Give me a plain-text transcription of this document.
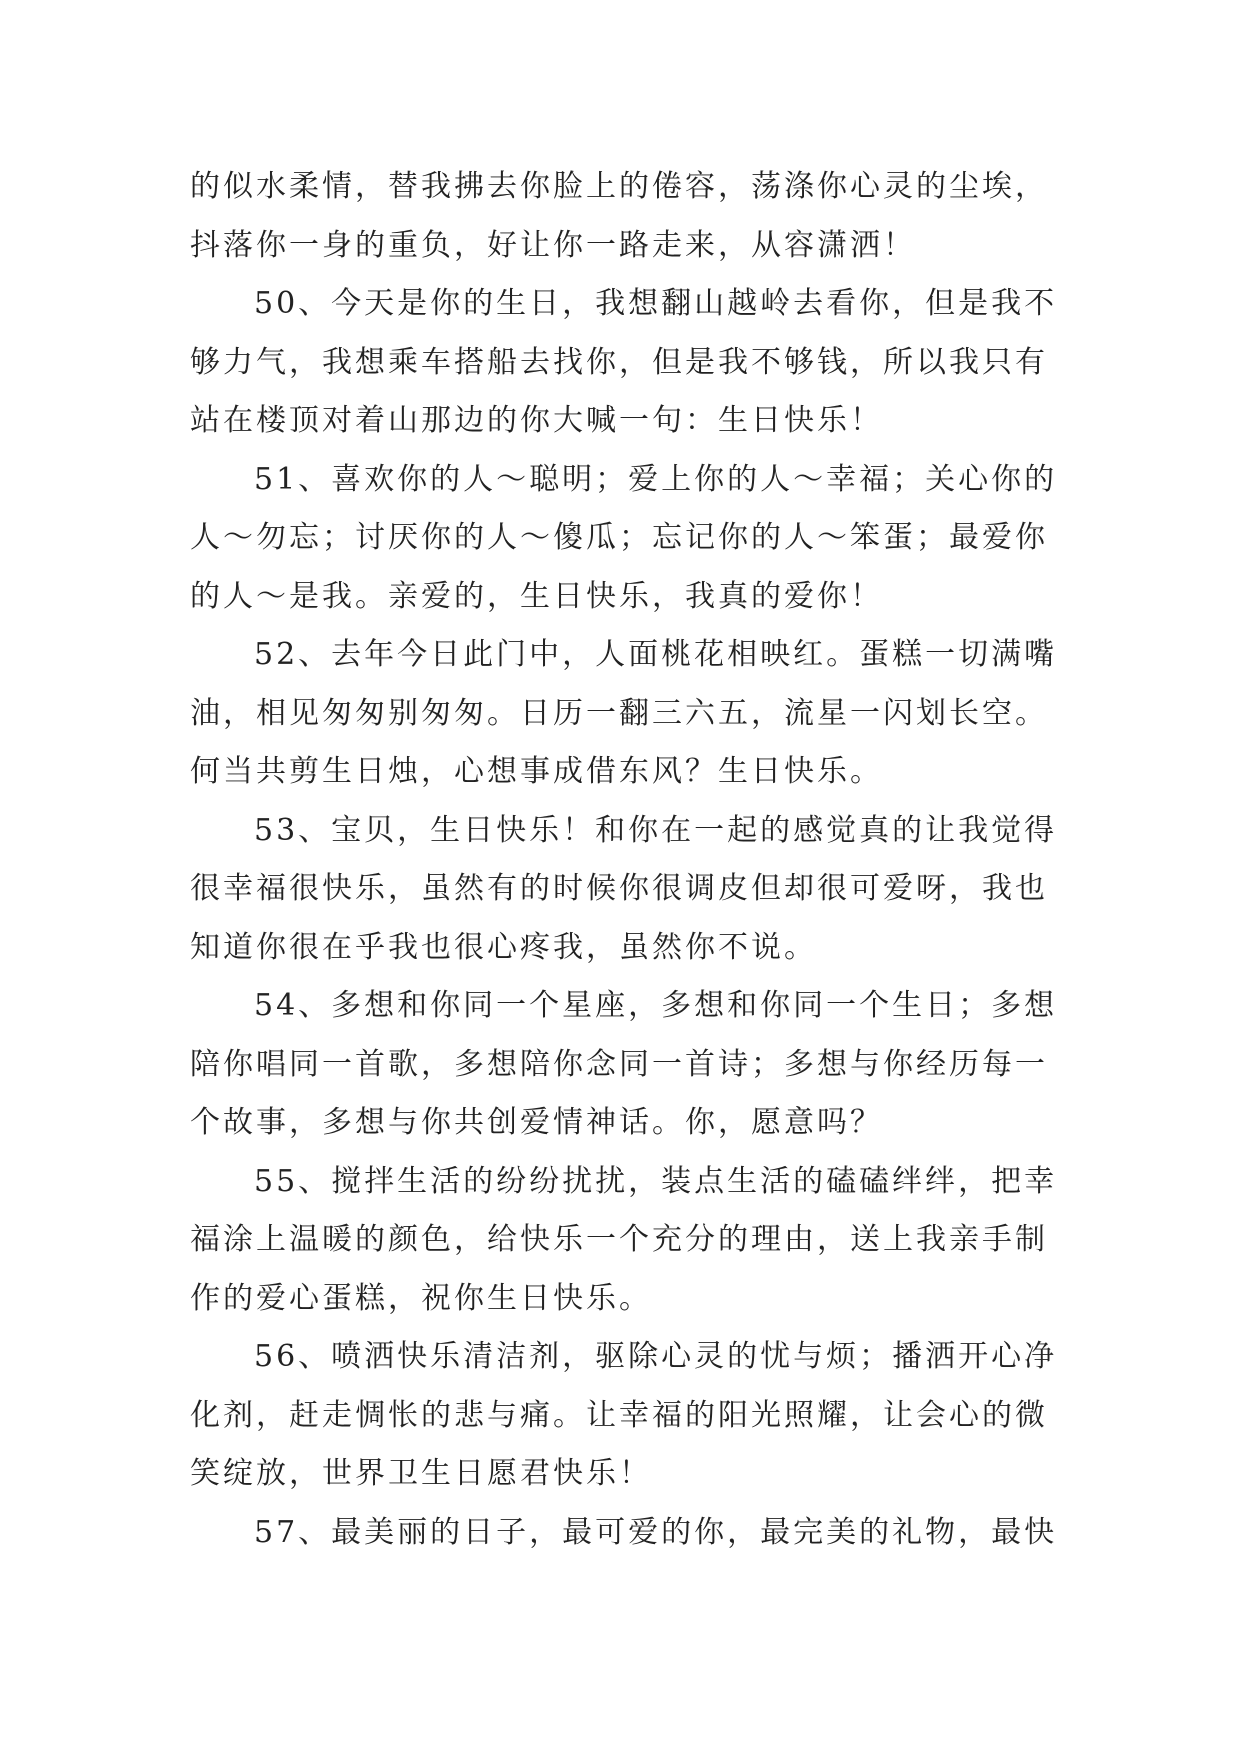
的似水柔情，替我拂去你脸上的倦容，荡涤你心灵的尘埃，
抖落你一身的重负，好让你一路走来，从容潇洒！
50、今天是你的生日，我想翻山越岭去看你，但是我不
够力气，我想乘车搭船去找你，但是我不够钱，所以我只有
站在楼顶对着山那边的你大喊一句：生日快乐！
51、喜欢你的人～聪明；爱上你的人～幸福；关心你的
人～勿忘；讨厌你的人～傻瓜；忘记你的人～笨蛋；最爱你
的人～是我。亲爱的，生日快乐，我真的爱你！
52、去年今日此门中，人面桃花相映红。蛋糕一切满嘴
油，相见匆匆别匆匆。日历一翻三六五，流星一闪划长空。
何当共剪生日烛，心想事成借东风？生日快乐。
53、宝贝，生日快乐！和你在一起的感觉真的让我觉得
很幸福很快乐，虽然有的时候你很调皮但却很可爱呀，我也
知道你很在乎我也很心疼我，虽然你不说。
54、多想和你同一个星座，多想和你同一个生日；多想
陪你唱同一首歌，多想陪你念同一首诗；多想与你经历每一
个故事，多想与你共创爱情神话。你，愿意吗？
55、搅拌生活的纷纷扰扰，装点生活的磕磕绊绊，把幸
福涂上温暖的颜色，给快乐一个充分的理由，送上我亲手制
作的爱心蛋糕，祝你生日快乐。
56、喷洒快乐清洁剂，驱除心灵的忧与烦；播洒开心净
化剂，赶走惆怅的悲与痛。让幸福的阳光照耀，让会心的微
笑绽放，世界卫生日愿君快乐！
57、最美丽的日子，最可爱的你，最完美的礼物，最快
